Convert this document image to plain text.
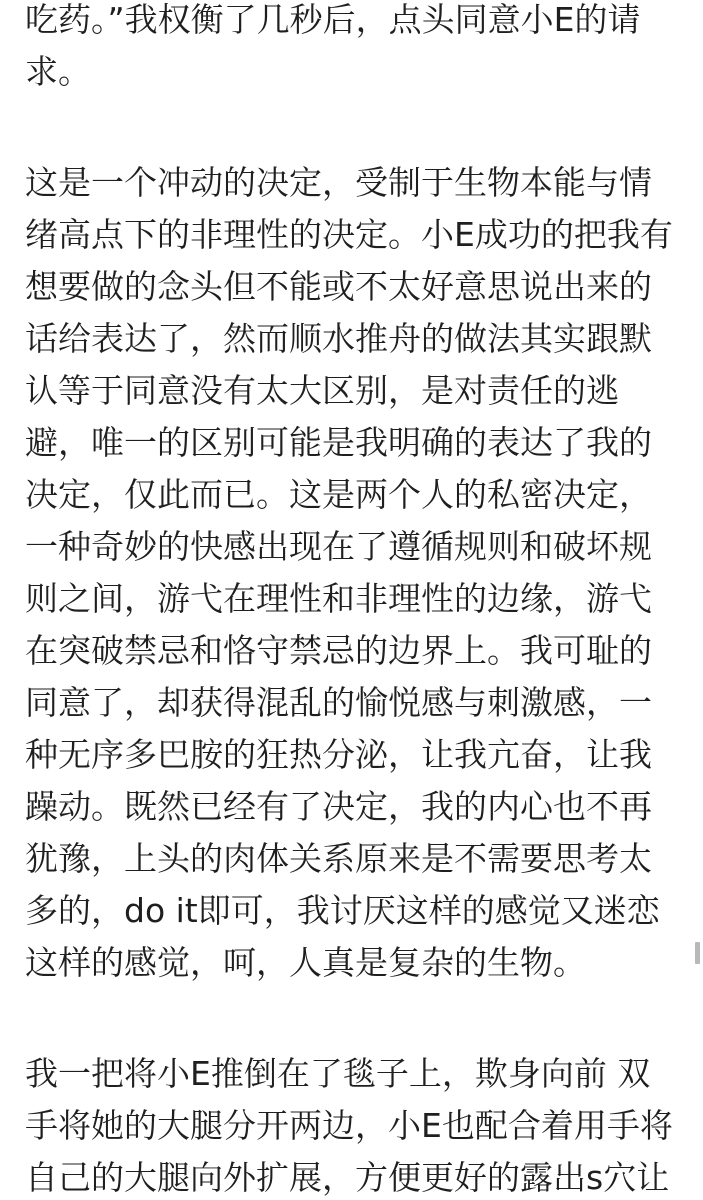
吃药。”我权衡了几秒后，点头同意小E的请
求。
这是一个冲动的决定，受制于生物本能与情
绪高点下的非理性的决定。小E成功的把我有
想要做的念头但不能或不太好意思说出来的
话给表达了，然而顺水推舟的做法其实跟默
认等于同意没有太大区别，是对责任的逃
避，唯一的区别可能是我明确的表达了我的
决定，仅此而已。这是两个人的私密决定，
一种奇妙的快感出现在了遵循规则和破坏规
则之间，游弋在理性和非理性的边缘，游弋
在突破禁忌和恪守禁忌的边界上。我可耻的
同意了，却获得混乱的愉悦感与刺激感，一
种无序多巴胺的狂热分泌，让我亢奋，让我
躁动。既然已经有了决定，我的内心也不再
犹豫，上头的肉体关系原来是不需要思考太
多的，do it即可，我讨厌这样的感觉又迷恋
这样的感觉，呵，人真是复杂的生物。
我一把将小E推倒在了毯子上，欺身向前 双
手将她的大腿分开两边，小E也配合着用手将
自己的大腿向外扩展，方便更好的露出s穴让
